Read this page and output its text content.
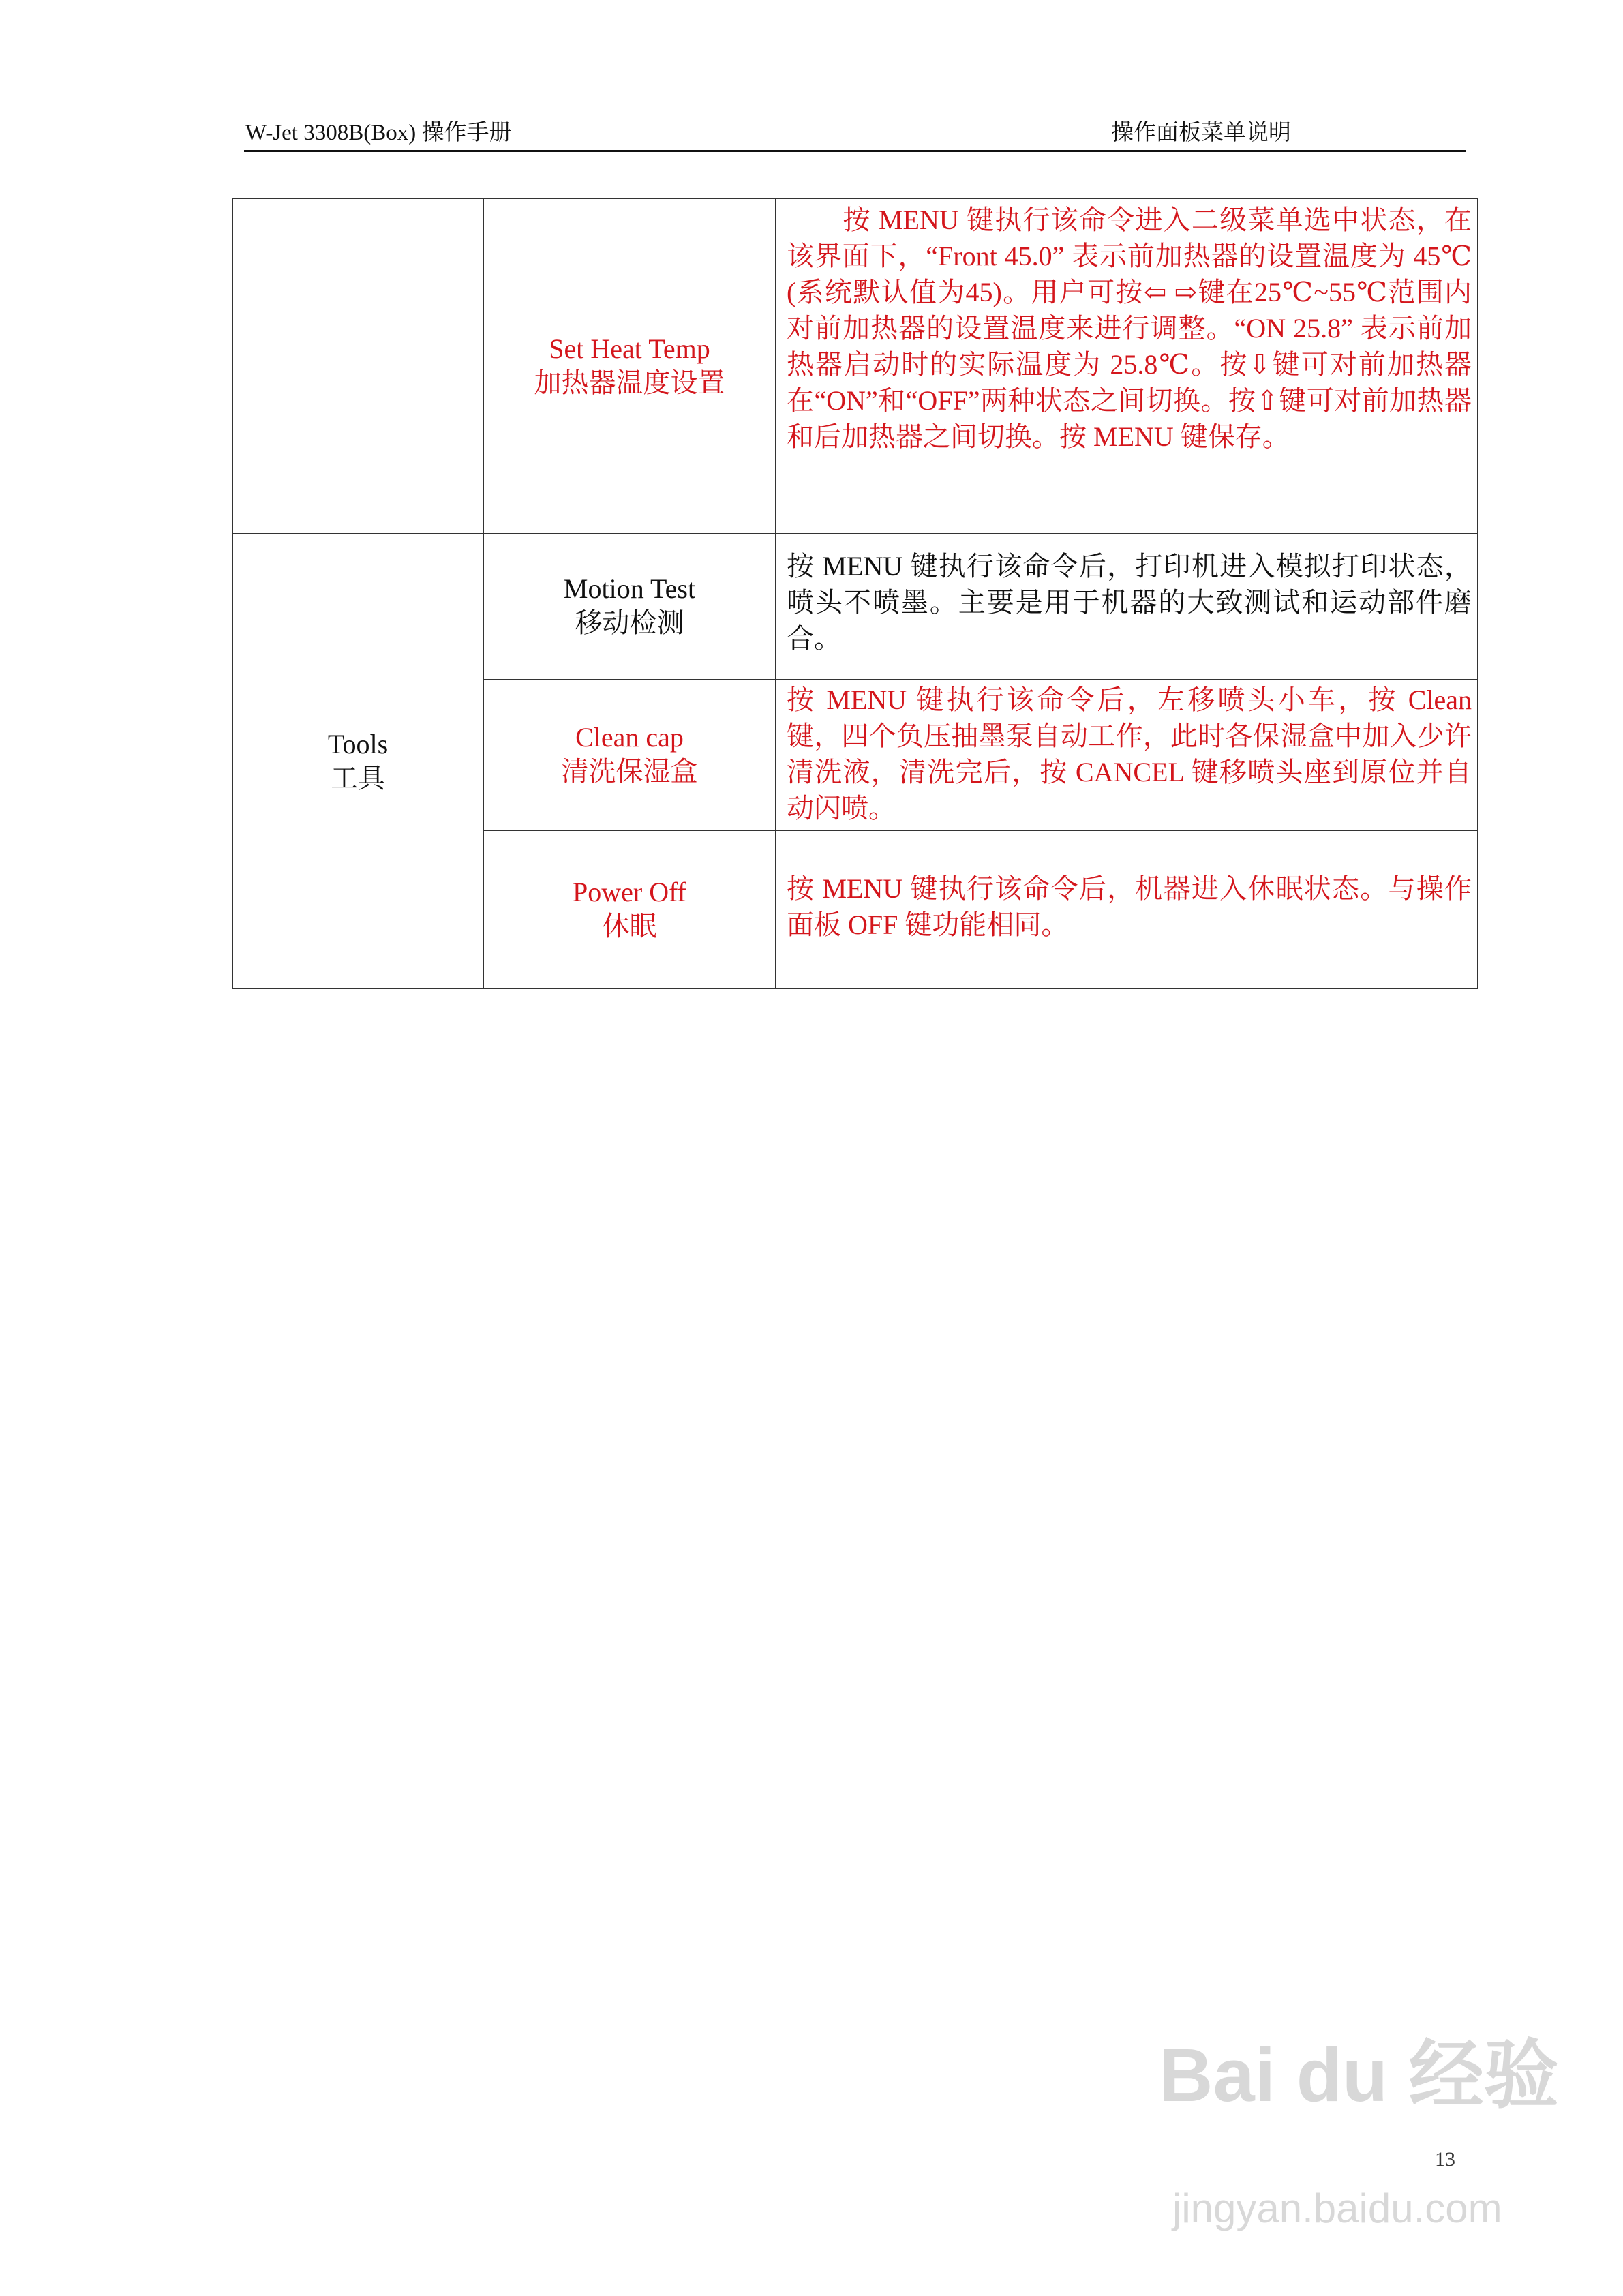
W-Jet 3308B(Box) 操作手册	操作面板菜单说明
Tools
工具
Set Heat Temp
加热器温度设置
　　按 MENU 键执行该命令进入二级菜单选中状态，在该界面下，“Front 45.0” 表示前加热器的设置温度为 45℃(系统默认值为45)。用户可按⇦ ⇨键在25℃~55℃范围内对前加热器的设置温度来进行调整。“ON 25.8” 表示前加热器启动时的实际温度为 25.8℃。按⇩键可对前加热器在“ON”和“OFF”两种状态之间切换。按⇧键可对前加热器和后加热器之间切换。按 MENU 键保存。
Motion Test
移动检测
按 MENU 键执行该命令后，打印机进入模拟打印状态，喷头不喷墨。主要是用于机器的大致测试和运动部件磨合。
Clean cap
清洗保湿盒
按 MENU 键执行该命令后，左移喷头小车，按 Clean 键，四个负压抽墨泵自动工作，此时各保湿盒中加入少许清洗液，清洗完后，按 CANCEL 键移喷头座到原位并自动闪喷。
Power Off
休眠
按 MENU 键执行该命令后，机器进入休眠状态。与操作面板 OFF 键功能相同。
Bai du 经验
jingyan.baidu.com
13
